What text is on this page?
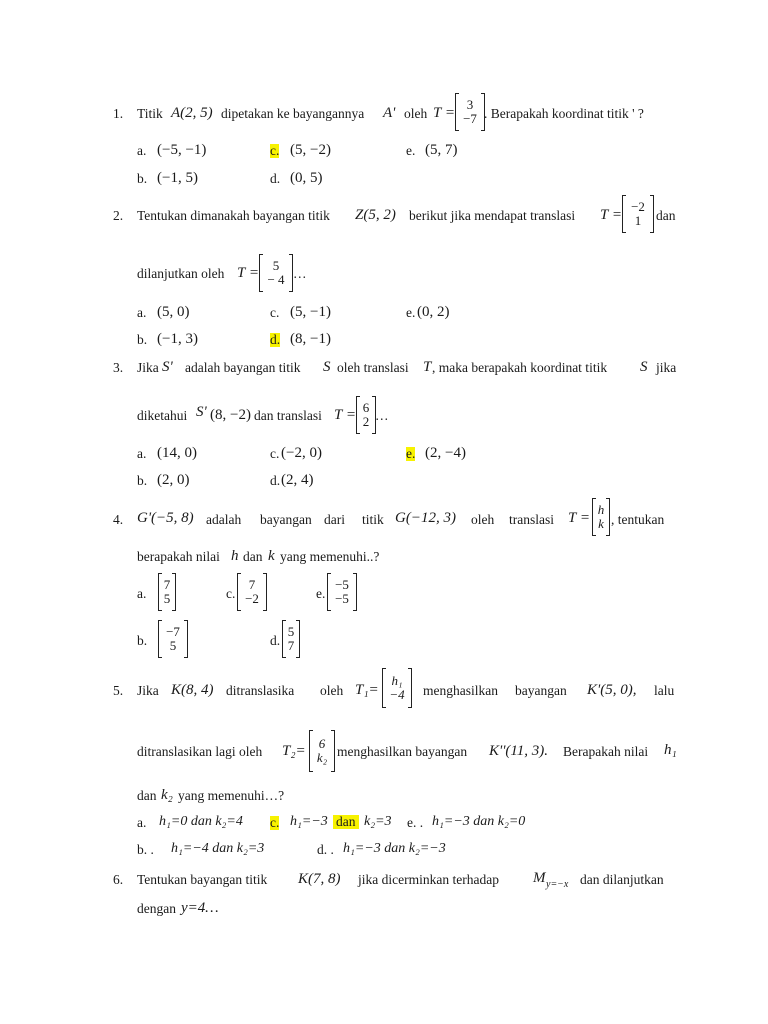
1. Titik A(2, 5) dipetakan ke bayangannya A' oleh T =
3
−7 . Berapakah koordinat titik ' ?
a. (−5, −1)	c. (5, −2)	e. (5, 7)
b. (−1, 5)	d. (0, 5)
2. Tentukan dimanakah bayangan titik Z(5, 2) berikut jika mendapat translasi T =
−2
1 dan
dilanjutkan oleh T = 5
− 4 …
a. (5, 0)	c. (5, −1)	e. (0, 2)
b. (−1, 3)	d. (8, −1)
3. Jika S' adalah bayangan titik S oleh translasi T , maka berapakah koordinat titik S jika
diketahui S' (8, −2) dan translasi T = 6
2 …
a. (14, 0)	c. (−2, 0)	e. (2, −4)
b. (2, 0)	d. (2, 4)
4. G'(−5, 8) adalah bayangan dari titik G(−12, 3) oleh translasi T =
h
k , tentukan
berapakah nilai h dan k yang memenuhi..?
a.
7
5	c.
7
−2	e.
−5
−5
b.
−7
5	d.
5
7
5. Jika K(8, 4) ditranslasika oleh T₁=
h₁
−4 menghasilkan bayangan K'(5, 0), lalu
ditranslasikan lagi oleh T₂= 6
k₂ menghasilkan bayangan K''(11, 3). Berapakah nilai h₁
dan k₂ yang memenuhi…?
a. h₁=0 dan k₂=4 c. h₁=−3 dan k₂=3 e. . h₁=−3 dan k₂=0
b. . h₁=−4 dan k₂=3	d. . h₁=−3 dan k₂=−3
6. Tentukan bayangan titik K(7, 8) jika dicerminkan terhadap M y=−x dan dilanjutkan
dengan y=4…
